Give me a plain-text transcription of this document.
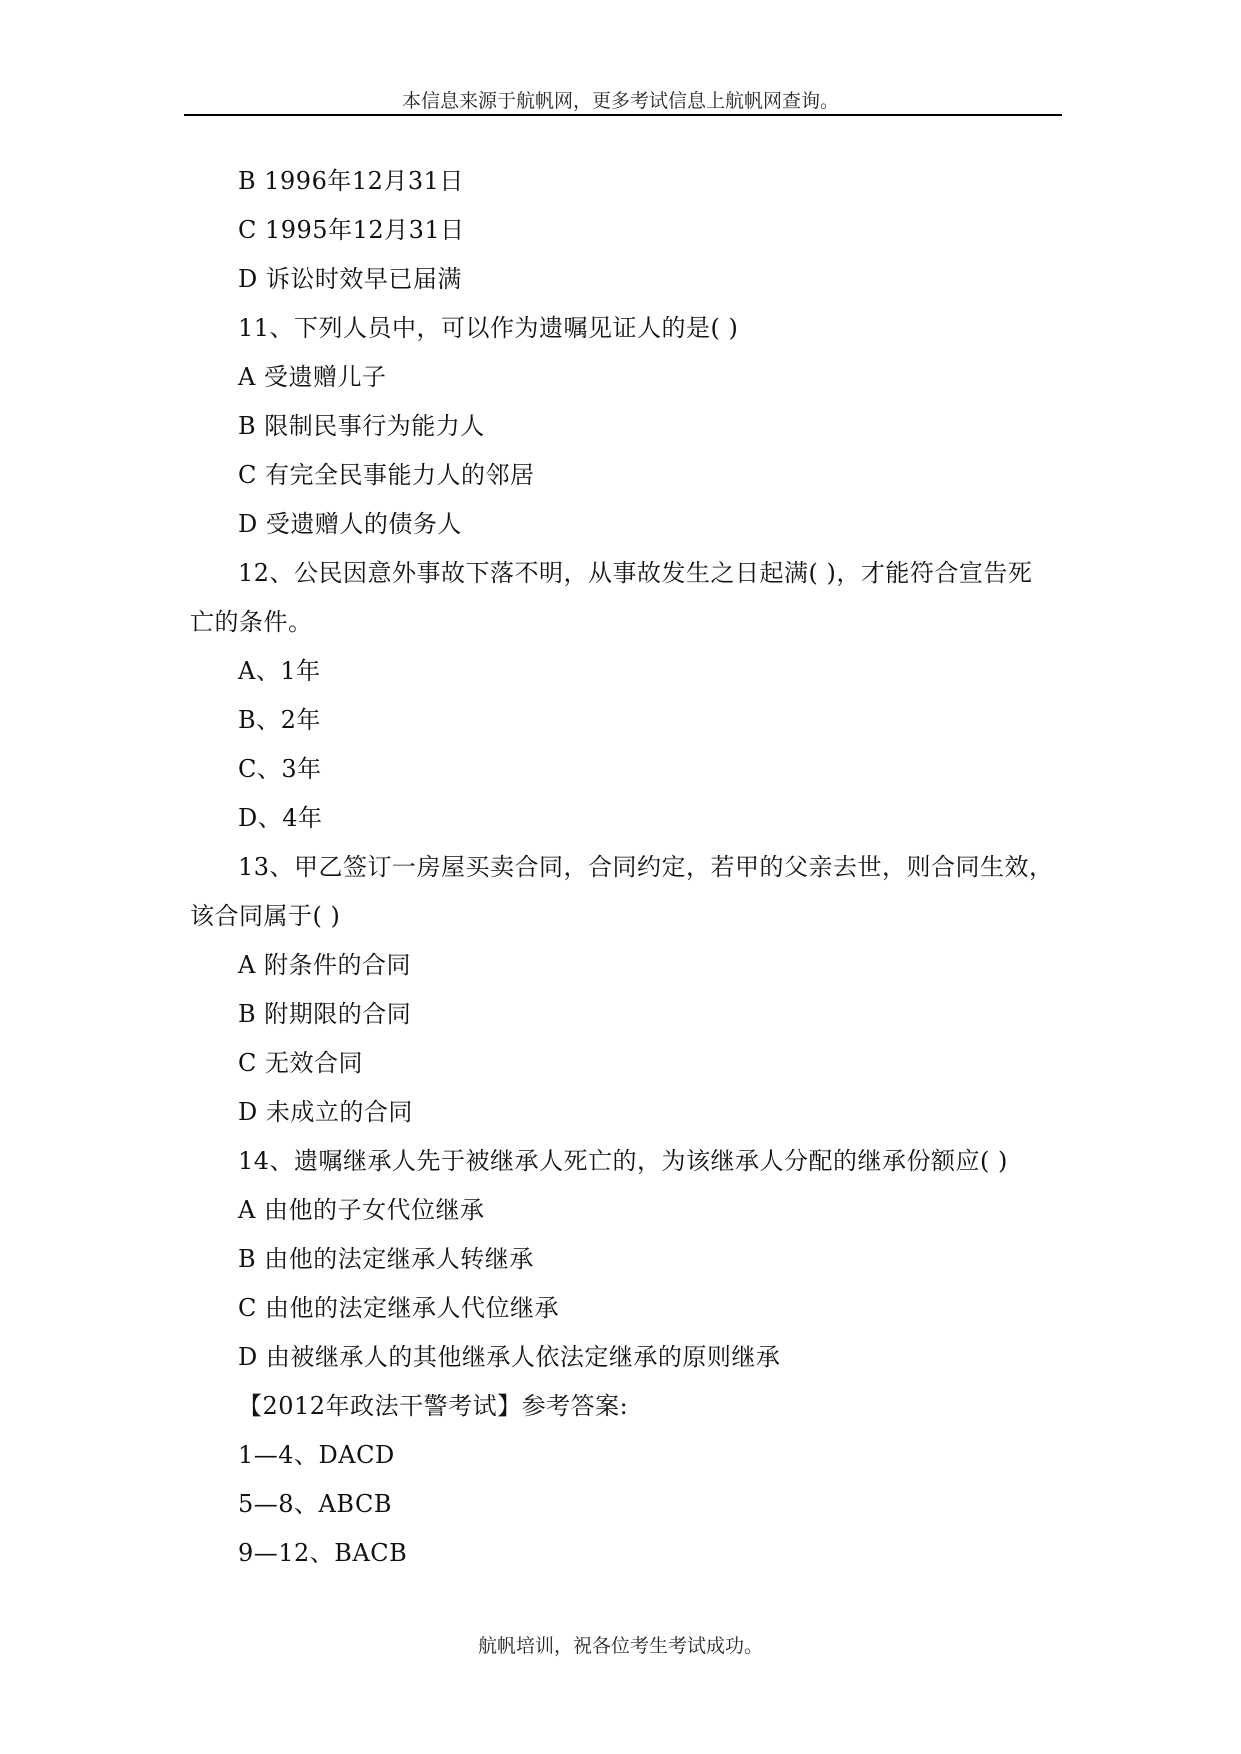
本信息来源于航帆网，更多考试信息上航帆网查询。
B 1996年12月31日
C 1995年12月31日
D 诉讼时效早已届满
11、下列人员中，可以作为遗嘱见证人的是( )
A 受遗赠儿子
B 限制民事行为能力人
C 有完全民事能力人的邻居
D 受遗赠人的债务人
12、公民因意外事故下落不明，从事故发生之日起满( )，才能符合宣告死
亡的条件。
A、1年
B、2年
C、3年
D、4年
13、甲乙签订一房屋买卖合同，合同约定，若甲的父亲去世，则合同生效，
该合同属于( )
A 附条件的合同
B 附期限的合同
C 无效合同
D 未成立的合同
14、遗嘱继承人先于被继承人死亡的，为该继承人分配的继承份额应( )
A 由他的子女代位继承
B 由他的法定继承人转继承
C 由他的法定继承人代位继承
D 由被继承人的其他继承人依法定继承的原则继承
【2012年政法干警考试】参考答案:
1—4、DACD
5—8、ABCB
9—12、BACB
航帆培训，祝各位考生考试成功。
